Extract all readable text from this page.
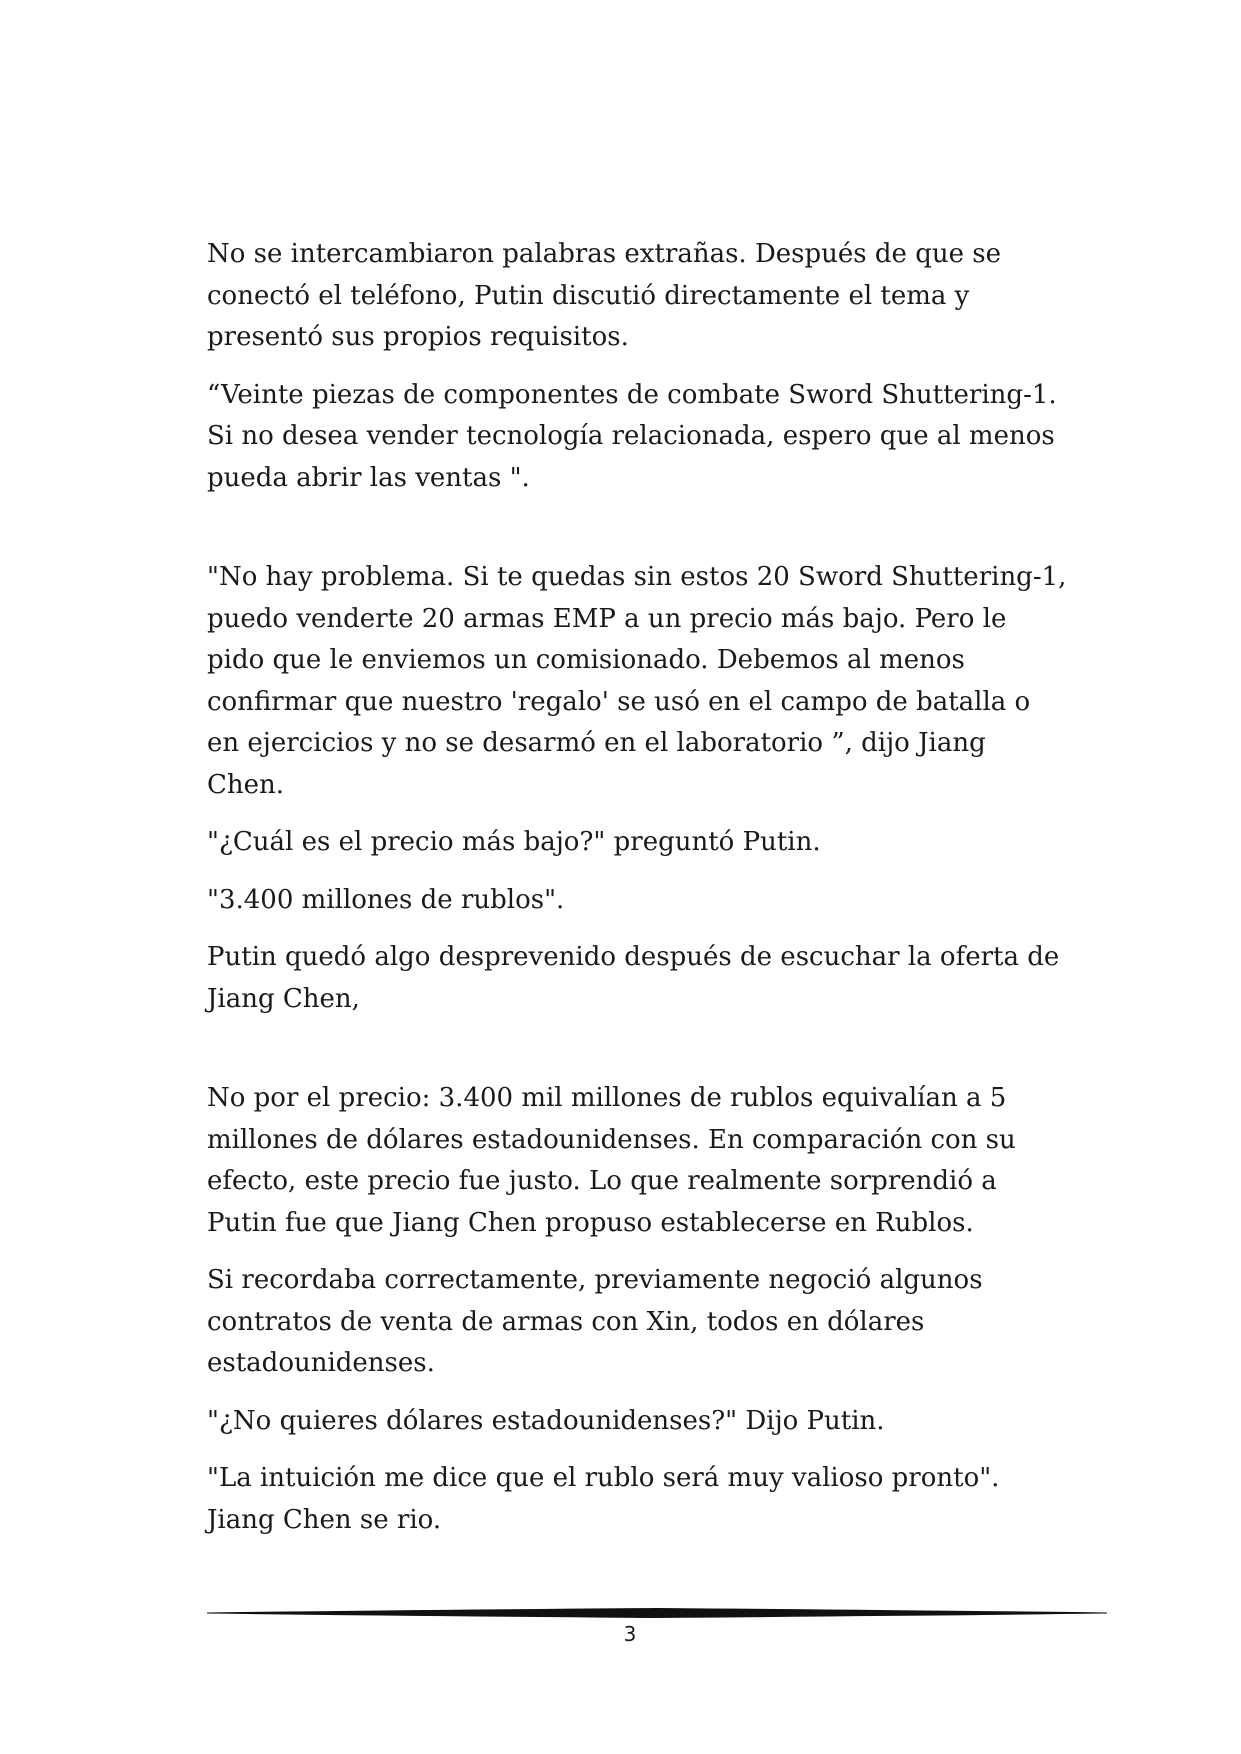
No se intercambiaron palabras extrañas. Después de que se conectó el teléfono, Putin discutió directamente el tema y presentó sus propios requisitos.

“Veinte piezas de componentes de combate Sword Shuttering-1. Si no desea vender tecnología relacionada, espero que al menos pueda abrir las ventas ".

"No hay problema. Si te quedas sin estos 20 Sword Shuttering-1, puedo venderte 20 armas EMP a un precio más bajo. Pero le pido que le enviemos un comisionado. Debemos al menos confirmar que nuestro 'regalo' se usó en el campo de batalla o en ejercicios y no se desarmó en el laboratorio ”, dijo Jiang Chen.

"¿Cuál es el precio más bajo?" preguntó Putin.

"3.400 millones de rublos".

Putin quedó algo desprevenido después de escuchar la oferta de Jiang Chen,

No por el precio: 3.400 mil millones de rublos equivalían a 5 millones de dólares estadounidenses. En comparación con su efecto, este precio fue justo. Lo que realmente sorprendió a Putin fue que Jiang Chen propuso establecerse en Rublos.

Si recordaba correctamente, previamente negoció algunos contratos de venta de armas con Xin, todos en dólares estadounidenses.

"¿No quieres dólares estadounidenses?" Dijo Putin.

"La intuición me dice que el rublo será muy valioso pronto". Jiang Chen se rio.

3
